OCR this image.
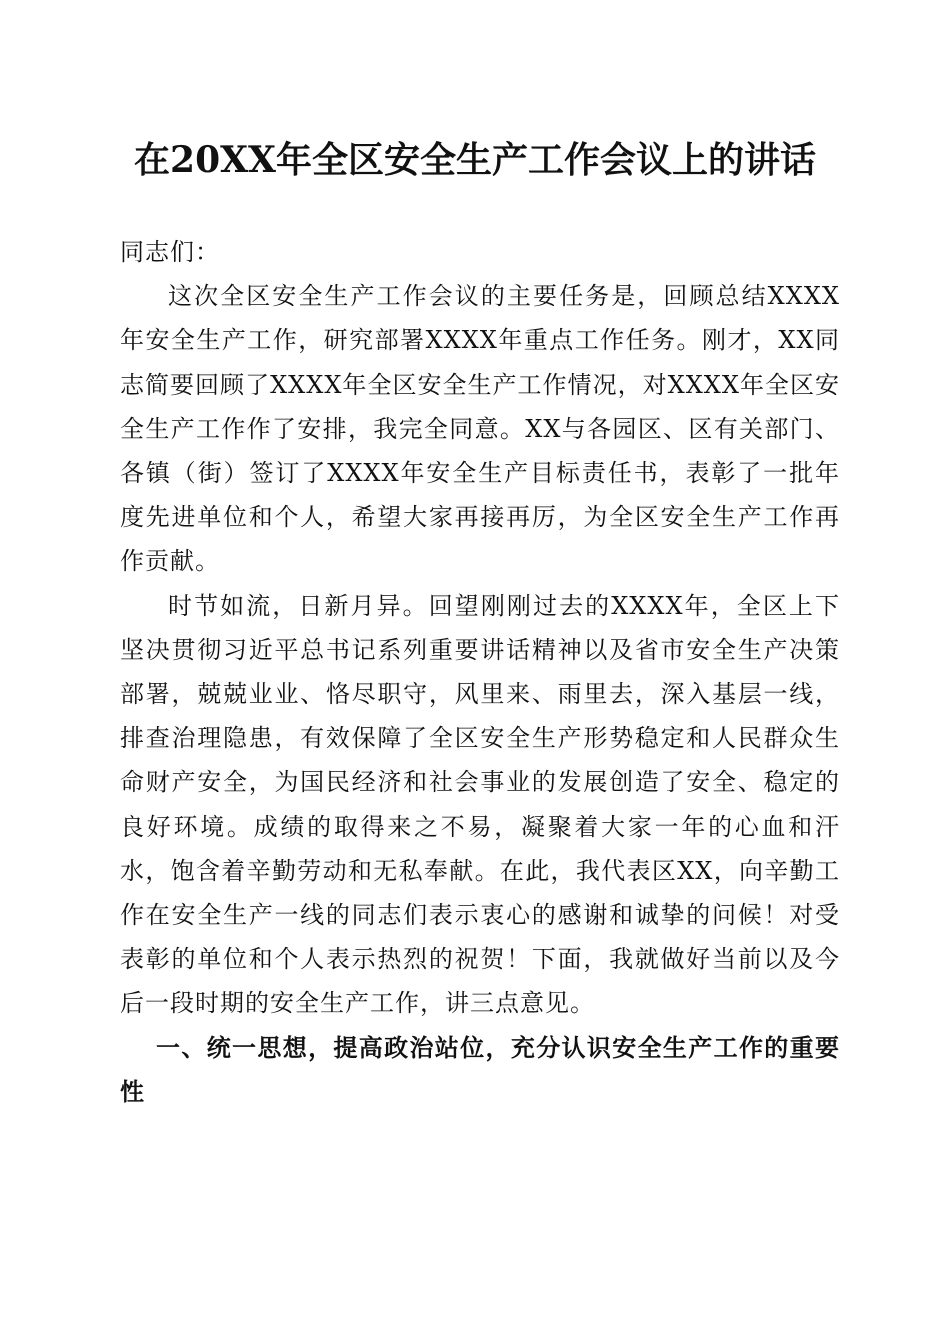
在20XX年全区安全生产工作会议上的讲话

同志们：

这次全区安全生产工作会议的主要任务是，回顾总结XXXX年安全生产工作，研究部署XXXX年重点工作任务。刚才，XX同志简要回顾了XXXX年全区安全生产工作情况，对XXXX年全区安全生产工作作了安排，我完全同意。XX与各园区、区有关部门、各镇（街）签订了XXXX年安全生产目标责任书，表彰了一批年度先进单位和个人，希望大家再接再厉，为全区安全生产工作再作贡献。

时节如流，日新月异。回望刚刚过去的XXXX年，全区上下坚决贯彻习近平总书记系列重要讲话精神以及省市安全生产决策部署，兢兢业业、恪尽职守，风里来、雨里去，深入基层一线，排查治理隐患，有效保障了全区安全生产形势稳定和人民群众生命财产安全，为国民经济和社会事业的发展创造了安全、稳定的良好环境。成绩的取得来之不易，凝聚着大家一年的心血和汗水，饱含着辛勤劳动和无私奉献。在此，我代表区XX，向辛勤工作在安全生产一线的同志们表示衷心的感谢和诚挚的问候！对受表彰的单位和个人表示热烈的祝贺！下面，我就做好当前以及今后一段时期的安全生产工作，讲三点意见。

一、统一思想，提高政治站位，充分认识安全生产工作的重要性
